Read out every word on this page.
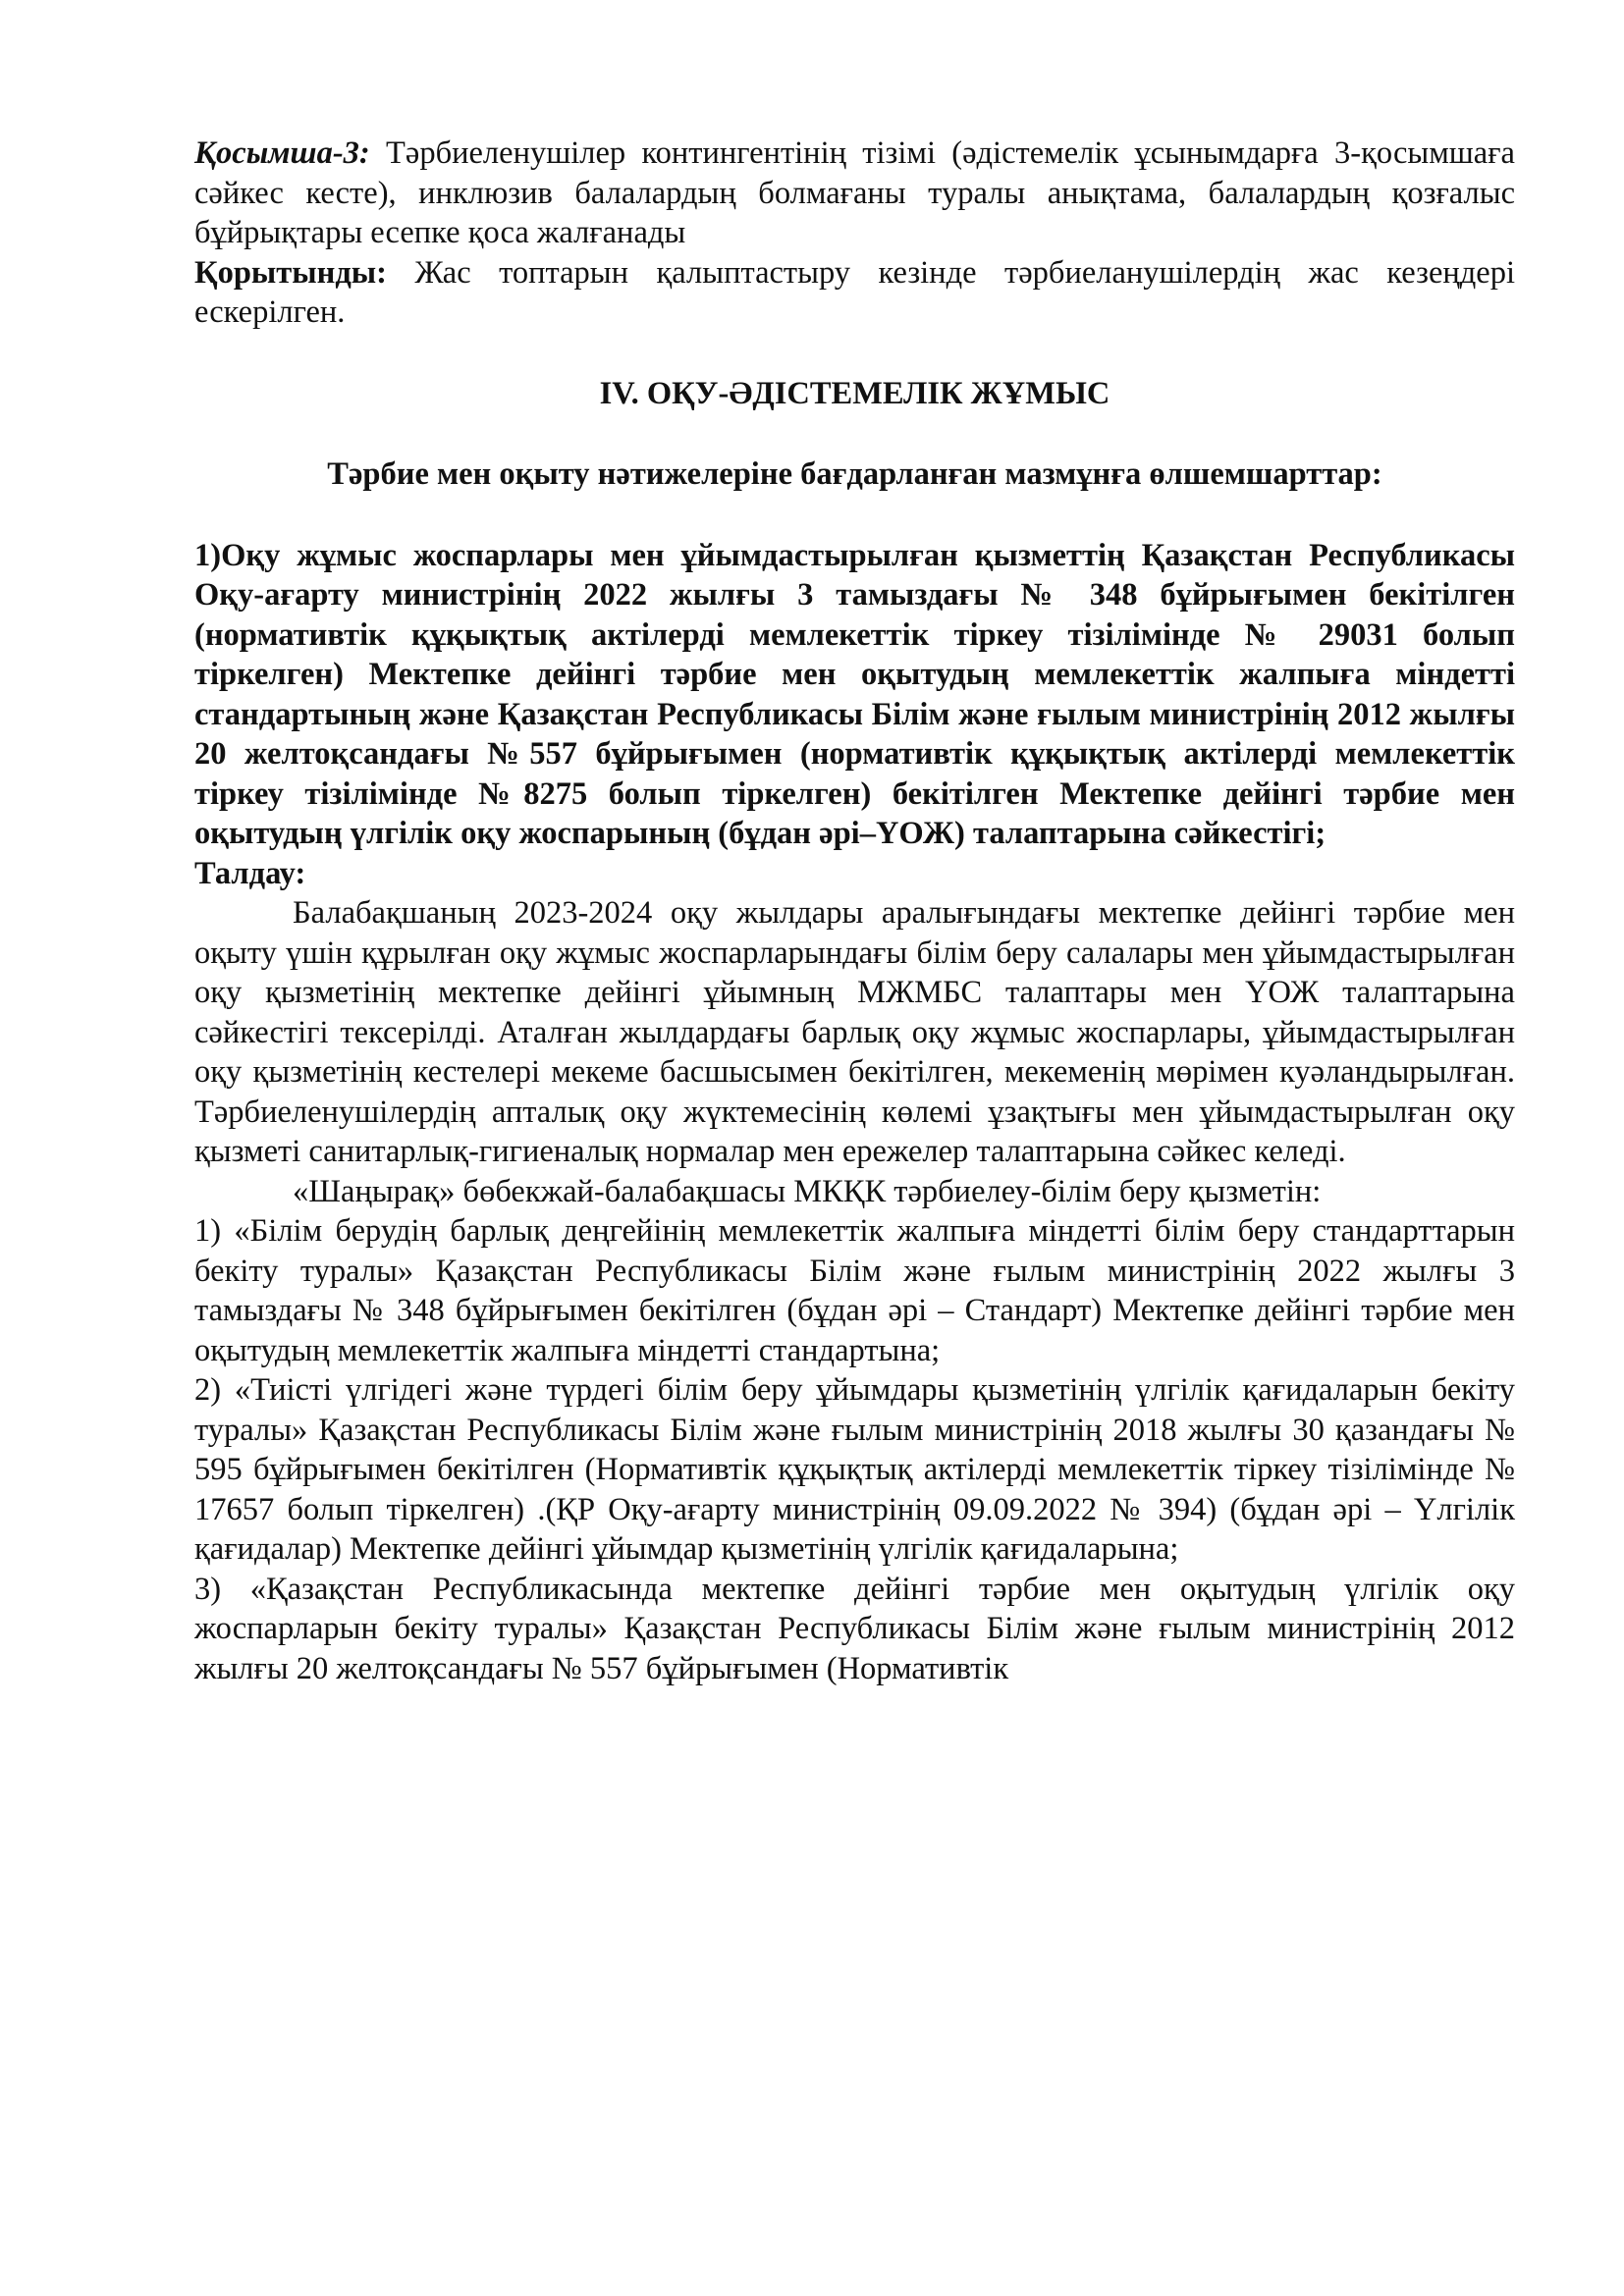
Қосымша-3: Тәрбиеленушілер контингентінің тізімі (әдістемелік ұсынымдарға 3-қосымшаға сәйкес кесте), инклюзив балалардың болмағаны туралы анықтама, балалардың қозғалыс бұйрықтары есепке қоса жалғанады

Қорытынды: Жас топтарын қалыптастыру кезінде тәрбиеланушілердің жас кезеңдері ескерілген.

IV. ОҚУ-ӘДІСТЕМЕЛІК ЖҰМЫС

Тәрбие мен оқыту нәтижелеріне бағдарланған мазмұнға өлшемшарттар:

1)Оқу жұмыс жоспарлары мен ұйымдастырылған қызметтің Қазақстан Республикасы Оқу-ағарту министрінің 2022 жылғы 3 тамыздағы № 348 бұйрығымен бекітілген (нормативтік құқықтық актілерді мемлекеттік тіркеу тізілімінде № 29031 болып тіркелген) Мектепке дейінгі тәрбие мен оқытудың мемлекеттік жалпыға міндетті стандартының және Қазақстан Республикасы Білім және ғылым министрінің 2012 жылғы 20 желтоқсандағы №557 бұйрығымен (нормативтік құқықтық актілерді мемлекеттік тіркеу тізілімінде №8275 болып тіркелген) бекітілген Мектепке дейінгі тәрбие мен оқытудың үлгілік оқу жоспарының (бұдан әрі–ҮОЖ) талаптарына сәйкестігі;

Талдау:

Балабақшаның 2023-2024 оқу жылдары аралығындағы мектепке дейінгі тәрбие мен оқыту үшін құрылған оқу жұмыс жоспарларындағы білім беру салалары мен ұйымдастырылған оқу қызметінің мектепке дейінгі ұйымның МЖМБС талаптары мен ҮОЖ талаптарына сәйкестігі тексерілді. Аталған жылдардағы барлық оқу жұмыс жоспарлары, ұйымдастырылған оқу қызметінің кестелері мекеме басшысымен бекітілген, мекеменің мөрімен куәландырылған. Тәрбиеленушілердің апталық оқу жүктемесінің көлемі ұзақтығы мен ұйымдастырылған оқу қызметі санитарлық-гигиеналық нормалар мен ережелер талаптарына сәйкес келеді.

«Шаңырақ» бөбекжай-балабақшасы МКҚК тәрбиелеу-білім беру қызметін:

1) «Білім берудің барлық деңгейінің мемлекеттік жалпыға міндетті білім беру стандарттарын бекіту туралы» Қазақстан Республикасы Білім және ғылым министрінің 2022 жылғы 3 тамыздағы № 348 бұйрығымен бекітілген (бұдан әрі – Стандарт) Мектепке дейінгі тәрбие мен оқытудың мемлекеттік жалпыға міндетті стандартына;

2) «Тиісті үлгідегі және түрдегі білім беру ұйымдары қызметінің үлгілік қағидаларын бекіту туралы» Қазақстан Республикасы Білім және ғылым министрінің 2018 жылғы 30 қазандағы № 595 бұйрығымен бекітілген (Нормативтік құқықтық актілерді мемлекеттік тіркеу тізілімінде № 17657 болып тіркелген) .(ҚР Оқу-ағарту министрінің 09.09.2022 № 394) (бұдан әрі – Үлгілік қағидалар) Мектепке дейінгі ұйымдар қызметінің үлгілік қағидаларына;

3) «Қазақстан Республикасында мектепке дейінгі тәрбие мен оқытудың үлгілік оқу жоспарларын бекіту туралы» Қазақстан Республикасы Білім және ғылым министрінің 2012 жылғы 20 желтоқсандағы № 557 бұйрығымен (Нормативтік
